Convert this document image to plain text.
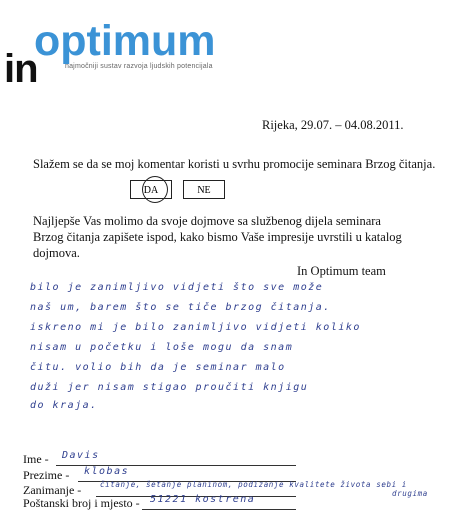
optimum
in	najmočniji sustav razvoja ljudskih potencijala
Rijeka, 29.07. – 04.08.2011.
Slažem se da se moj komentar koristi u svrhu promocije seminara Brzog čitanja.
DA	NE
Najljepše Vas molimo da svoje dojmove sa službenog dijela seminara Brzog čitanja zapišete ispod, kako bismo Vaše impresije uvrstili u katalog dojmova.
In Optimum team
bilo je zanimljivo vidjeti što sve može
naš um, barem što se tiče brzog čitanja.
iskreno mi je bilo zanimljivo vidjeti koliko
nisam u početku i loše mogu da snam
čitu. volio bih da je seminar malo
duži jer nisam stigao proučiti knjigu
do kraja.
Ime - Davis
Prezime - klobas
Zanimanje - čitanje, šetanje planinom, podizanje kvalitete života sebi i
drugima
Poštanski broj i mjesto - 51221 kostrena
